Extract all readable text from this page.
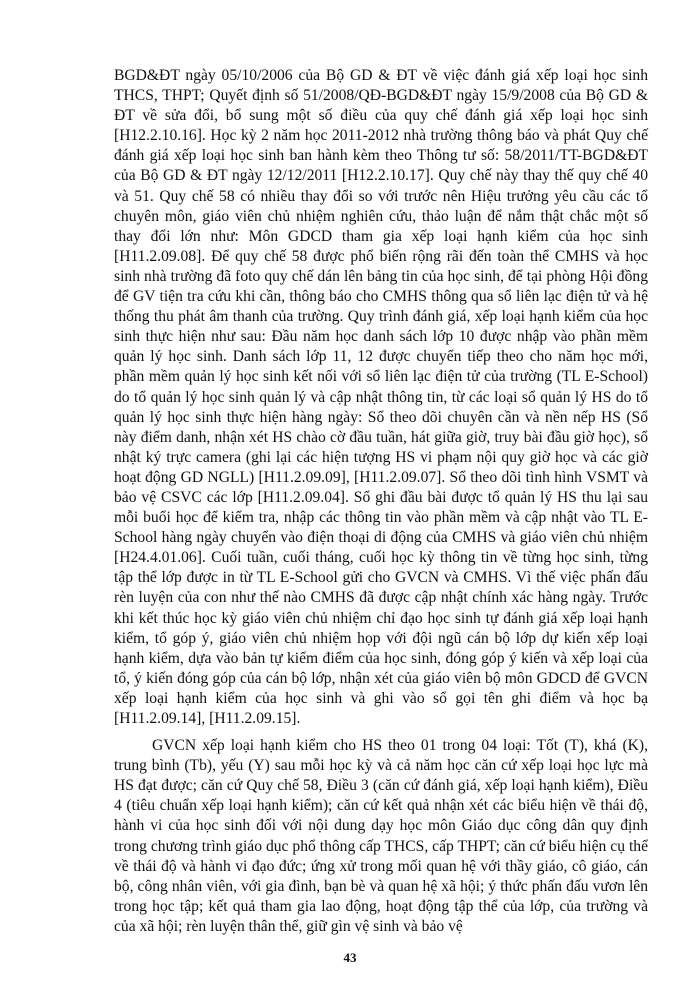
BGD&ĐT ngày 05/10/2006 của Bộ GD & ĐT về việc đánh giá xếp loại học sinh THCS, THPT; Quyết định số 51/2008/QĐ-BGD&ĐT ngày 15/9/2008 của Bộ GD & ĐT về sửa đổi, bổ sung một số điều của quy chế đánh giá xếp loại học sinh [H12.2.10.16]. Học kỳ 2 năm học 2011-2012 nhà trường thông báo và phát Quy chế đánh giá xếp loại học sinh ban hành kèm theo Thông tư số: 58/2011/TT-BGD&ĐT của Bộ GD & ĐT ngày 12/12/2011 [H12.2.10.17]. Quy chế này thay thế quy chế 40 và 51. Quy chế 58 có nhiều thay đổi so với trước nên Hiệu trưởng yêu cầu các tổ chuyên môn, giáo viên chủ nhiệm nghiên cứu, thảo luận để nắm thật chắc một số thay đổi lớn như: Môn GDCD tham gia xếp loại hạnh kiểm của học sinh [H11.2.09.08]. Để quy chế 58 được phổ biến rộng rãi đến toàn thể CMHS và học sinh nhà trường đã foto quy chế dán lên bảng tin của học sinh, để tại phòng Hội đồng để GV tiện tra cứu khi cần, thông báo cho CMHS thông qua sổ liên lạc điện tử và hệ thống thu phát âm thanh của trường. Quy trình đánh giá, xếp loại hạnh kiểm của học sinh thực hiện như sau: Đầu năm học danh sách lớp 10 được nhập vào phần mềm quản lý học sinh. Danh sách lớp 11, 12 được chuyển tiếp theo cho năm học mới, phần mềm quản lý học sinh kết nối với sổ liên lạc điện tử của trường (TL E-School) do tổ quản lý học sinh quản lý và cập nhật thông tin, từ các loại sổ quản lý HS do tổ quản lý học sinh thực hiện hàng ngày: Sổ theo dõi chuyên cần và nền nếp HS (Sổ này điểm danh, nhận xét HS chào cờ đầu tuần, hát giữa giờ, truy bài đầu giờ học), sổ nhật ký trực camera (ghi lại các hiện tượng HS vi phạm nội quy giờ học và các giờ hoạt động GD NGLL) [H11.2.09.09], [H11.2.09.07]. Sổ theo dõi tình hình VSMT và bảo vệ CSVC các lớp [H11.2.09.04]. Sổ ghi đầu bài được tổ quản lý HS thu lại sau mỗi buổi học để kiểm tra, nhập các thông tin vào phần mềm và cập nhật vào TL E-School hàng ngày chuyển vào điện thoại di động của CMHS và giáo viên chủ nhiệm [H24.4.01.06]. Cuối tuần, cuối tháng, cuối học kỳ thông tin về từng học sinh, từng tập thể lớp được in từ TL E-School gửi cho GVCN và CMHS. Vì thế việc phấn đấu rèn luyện của con như thế nào CMHS đã được cập nhật chính xác hàng ngày. Trước khi kết thúc học kỳ giáo viên chủ nhiệm chỉ đạo học sinh tự đánh giá xếp loại hạnh kiểm, tổ góp ý, giáo viên chủ nhiệm họp với đội ngũ cán bộ lớp dự kiến xếp loại hạnh kiểm, dựa vào bản tự kiểm điểm của học sinh, đóng góp ý kiến và xếp loại của tổ, ý kiến đóng góp của cán bộ lớp, nhận xét của giáo viên bộ môn GDCD để GVCN xếp loại hạnh kiểm của học sinh và ghi vào sổ gọi tên ghi điểm và học bạ [H11.2.09.14], [H11.2.09.15].

GVCN xếp loại hạnh kiểm cho HS theo 01 trong 04 loại: Tốt (T), khá (K), trung bình (Tb), yếu (Y) sau mỗi học kỳ và cả năm học căn cứ xếp loại học lực mà HS đạt được; căn cứ Quy chế 58, Điều 3 (căn cứ đánh giá, xếp loại hạnh kiểm), Điều 4 (tiêu chuẩn xếp loại hạnh kiểm); căn cứ kết quả nhận xét các biểu hiện về thái độ, hành vi của học sinh đối với nội dung dạy học môn Giáo dục công dân quy định trong chương trình giáo dục phổ thông cấp THCS, cấp THPT; căn cứ biểu hiện cụ thể về thái độ và hành vi đạo đức; ứng xử trong mối quan hệ với thầy giáo, cô giáo, cán bộ, công nhân viên, với gia đình, bạn bè và quan hệ xã hội; ý thức phấn đấu vươn lên trong học tập; kết quả tham gia lao động, hoạt động tập thể của lớp, của trường và của xã hội; rèn luyện thân thể, giữ gìn vệ sinh và bảo vệ

43
